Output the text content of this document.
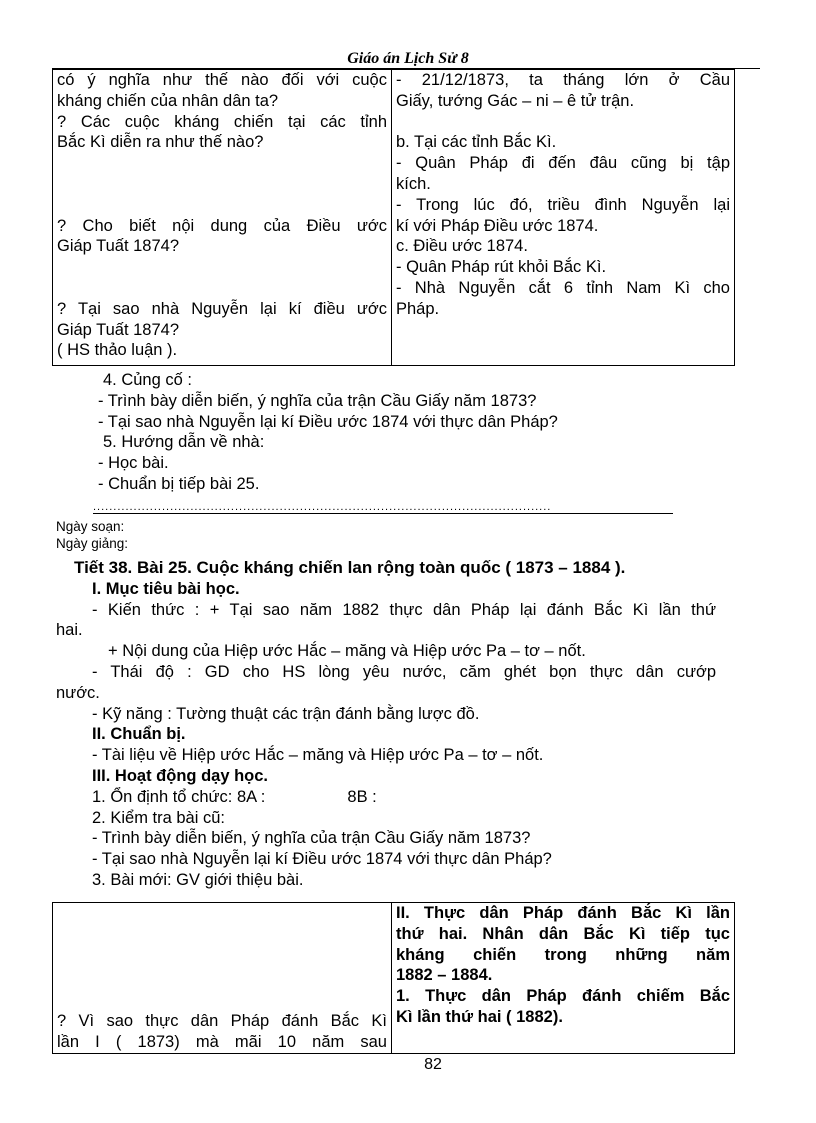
Giáo án Lịch Sử 8
có ý nghĩa như thế nào đối với cuộc
kháng chiến của nhân dân ta?
? Các cuộc kháng chiến tại các tỉnh
Bắc Kì diễn ra như thế nào?
? Cho biết nội dung của Điều ước
Giáp Tuất 1874?
? Tại sao nhà Nguyễn lại kí điều ước
Giáp Tuất 1874?
( HS thảo luận ).

- 21/12/1873, ta tháng lớn ở Cầu
Giấy, tướng Gác – ni – ê tử trận.
b. Tại các tỉnh Bắc Kì.
- Quân Pháp đi đến đâu cũng bị tập
kích.
- Trong lúc đó, triều đình Nguyễn lại
kí với Pháp Điều ước 1874.
c. Điều ước 1874.
- Quân Pháp rút khỏi Bắc Kì.
- Nhà Nguyễn cắt 6 tỉnh Nam Kì cho
Pháp.
4. Củng cố :
- Trình bày diễn biến, ý nghĩa của trận Cầu Giấy năm 1873?
- Tại sao nhà Nguyễn lại kí Điều ước 1874 với thực dân Pháp?
5. Hướng dẫn về nhà:
- Học bài.
- Chuẩn bị tiếp bài 25.
.................................................................................................................
Ngày soạn:
Ngày giảng:
Tiết 38. Bài 25. Cuộc kháng chiến lan rộng toàn quốc ( 1873 – 1884 ).
I. Mục tiêu bài học.
- Kiến thức : + Tại sao năm 1882 thực dân Pháp lại đánh Bắc Kì lần thứ
hai.
+ Nội dung của Hiệp ước Hắc – măng và Hiệp ước Pa – tơ – nốt.
- Thái độ : GD cho HS lòng yêu nước, căm ghét bọn thực dân cướp
nước.
- Kỹ năng : Tường thuật các trận đánh bằng lược đồ.
II. Chuẩn bị.
- Tài liệu về Hiệp ước Hắc – măng và Hiệp ước Pa – tơ – nốt.
III. Hoạt động dạy học.
1. Ổn định tổ chức: 8A :	8B :
2. Kiểm tra bài cũ:
- Trình bày diễn biến, ý nghĩa của trận Cầu Giấy năm 1873?
- Tại sao nhà Nguyễn lại kí Điều ước 1874 với thực dân Pháp?
3. Bài mới: GV giới thiệu bài.
? Vì sao thực dân Pháp đánh Bắc Kì
lần I ( 1873) mà mãi 10 năm sau

II. Thực dân Pháp đánh Bắc Kì lần
thứ hai. Nhân dân Bắc Kì tiếp tục
kháng chiến trong những năm
1882 – 1884.
1. Thực dân Pháp đánh chiếm Bắc
Kì lần thứ hai ( 1882).
82
